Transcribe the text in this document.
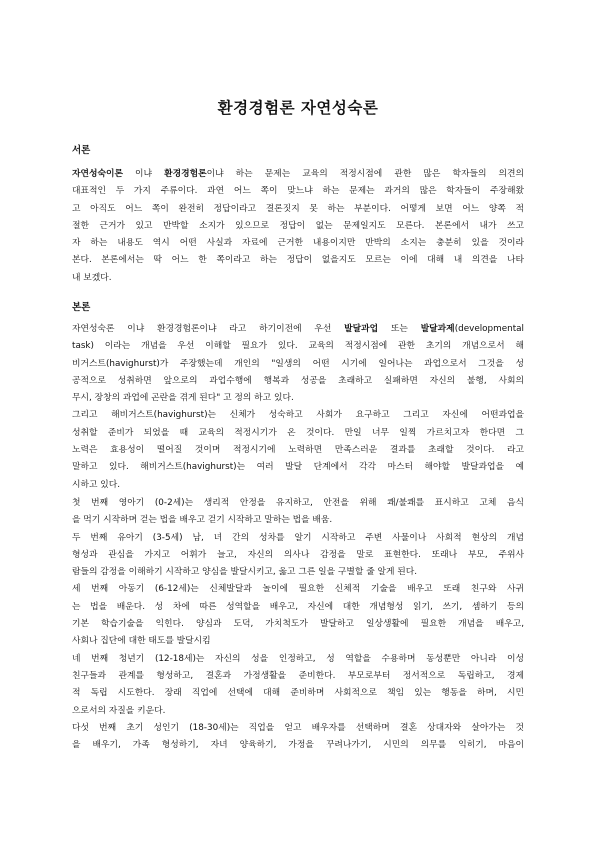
환경경험론 자연성숙론
서론
자연성숙이론 이냐 환경경험론이냐 하는 문제는 교육의 적정시점에 관한 많은 학자들의 의견의
대표적인 두 가지 주류이다. 과연 어느 쪽이 맞느냐 하는 문제는 과거의 많은 학자들이 주장해왔
고 아직도 어느 쪽이 완전히 정답이라고 결론짓지 못 하는 부분이다. 어떻게 보면 어느 양쪽 적
절한 근거가 있고 반박할 소지가 있으므로 정답이 없는 문제일지도 모른다. 본론에서 내가 쓰고
자 하는 내용도 역시 어떤 사실과 자료에 근거한 내용이지만 반박의 소지는 충분히 있을 것이라
본다. 본론에서는 딱 어느 한 쪽이라고 하는 정답이 없을지도 모르는 이에 대해 내 의견을 나타
내 보겠다.
본론
자연성숙론 이냐 환경경험론이냐 라고 하기이전에 우선 발달과업 또는 발달과제(developmental
task) 이라는 개념을 우선 이해할 필요가 있다. 교육의 적정시점에 관한 초기의 개념으로서 해
비거스트(havighurst)가 주장했는데 개인의 "일생의 어떤 시기에 일어나는 과업으로서 그것을 성
공적으로 성취하면 앞으로의 과업수행에 행복과 성공을 초래하고 실패하면 자신의 불행, 사회의
무시, 장창의 과업에 곤란을 겪게 된다" 고 정의 하고 있다.
그리고 해비거스트(havighurst)는 신체가 성숙하고 사회가 요구하고 그리고 자신에 어떤과업을
성취할 준비가 되었을 때 교육의 적정시기가 온 것이다. 만일 너무 일찍 가르치고자 한다면 그
노력은 효용성이 떨어질 것이며 적정시기에 노력하면 만족스러운 결과를 초래할 것이다. 라고
말하고 있다. 해비거스트(havighurst)는 여러 발달 단계에서 각각 마스터 해야할 발달과업을 예
시하고 있다.
첫 번째 영아기 (0-2세)는 생리적 안정을 유지하고, 안전을 위해 쾌/불쾌를 표시하고 고체 음식
을 먹기 시작하며 걷는 법을 배우고 걷기 시작하고 말하는 법을 배움.
두 번째 유아기 (3-5세) 남, 녀 간의 성차를 알기 시작하고 주변 사물이나 사회적 현상의 개념
형성과 관심을 가지고 어휘가 늘고, 자신의 의사나 감정을 말로 표현한다. 또래나 부모, 주위사
람들의 감정을 이해하기 시작하고 양심을 발달시키고, 옳고 그른 일을 구별할 줄 알게 된다.
세 번째 아동기 (6-12세)는 신체발달과 놀이에 필요한 신체적 기술을 배우고 또래 친구와 사귀
는 법을 배운다. 성 차에 따른 성역할을 배우고, 자신에 대한 개념형성 읽기, 쓰기, 셈하기 등의
기본 학습기술을 익힌다. 양심과 도덕, 가치척도가 발달하고 일상생활에 필요한 개념을 배우고,
사회나 집단에 대한 태도를 발달시킴
네 번째 청년기 (12-18세)는 자신의 성을 인정하고, 성 역할을 수용하며 동성뿐만 아니라 이성
친구들과 관계를 형성하고, 결혼과 가정생활을 준비한다. 부모로부터 정서적으로 독립하고, 경제
적 독립 시도한다. 장래 직업에 선택에 대해 준비하며 사회적으로 책임 있는 행동을 하며, 시민
으로서의 자질을 키운다.
다섯 번째 초기 성인기 (18-30세)는 직업을 얻고 배우자를 선택하며 결혼 상대자와 살아가는 것
을 배우기, 가족 형성하기, 자녀 양육하기, 가정을 꾸려나가기, 시민의 의무를 익히기, 마음이
